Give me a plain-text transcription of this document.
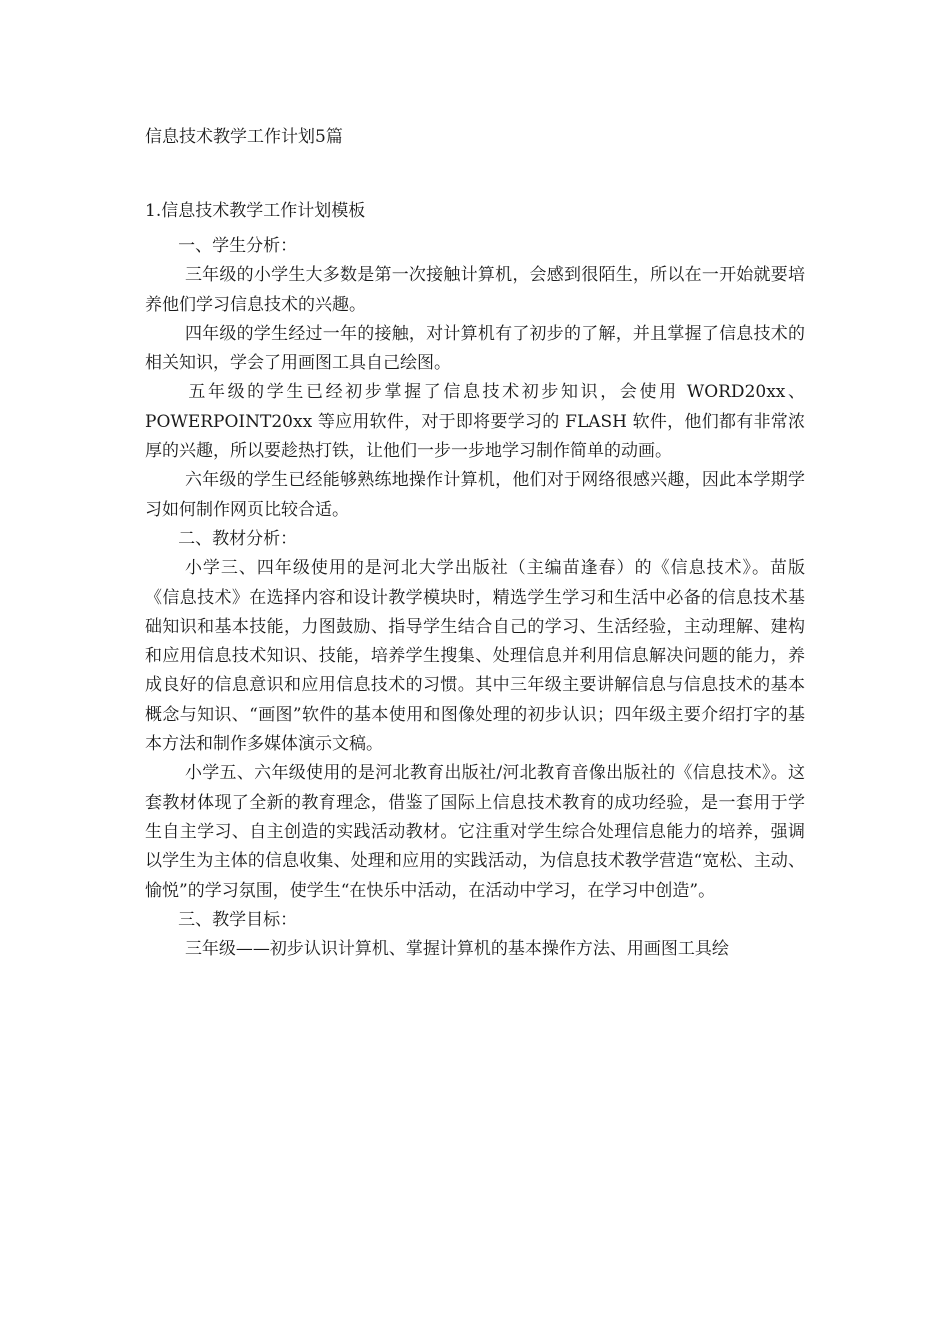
信息技术教学工作计划5篇
1.信息技术教学工作计划模板

一、学生分析：

三年级的小学生大多数是第一次接触计算机，会感到很陌生，所以在一开始就要培养他们学习信息技术的兴趣。

四年级的学生经过一年的接触，对计算机有了初步的了解，并且掌握了信息技术的相关知识，学会了用画图工具自己绘图。

五年级的学生已经初步掌握了信息技术初步知识，会使用 WORD20xx、POWERPOINT20xx 等应用软件，对于即将要学习的 FLASH 软件，他们都有非常浓厚的兴趣，所以要趁热打铁，让他们一步一步地学习制作简单的动画。

六年级的学生已经能够熟练地操作计算机，他们对于网络很感兴趣，因此本学期学习如何制作网页比较合适。

二、教材分析：

小学三、四年级使用的是河北大学出版社（主编苗逢春）的《信息技术》。苗版《信息技术》在选择内容和设计教学模块时，精选学生学习和生活中必备的信息技术基础知识和基本技能，力图鼓励、指导学生结合自己的学习、生活经验，主动理解、建构和应用信息技术知识、技能，培养学生搜集、处理信息并利用信息解决问题的能力，养成良好的信息意识和应用信息技术的习惯。其中三年级主要讲解信息与信息技术的基本概念与知识、“画图”软件的基本使用和图像处理的初步认识；四年级主要介绍打字的基本方法和制作多媒体演示文稿。

小学五、六年级使用的是河北教育出版社/河北教育音像出版社的《信息技术》。这套教材体现了全新的教育理念，借鉴了国际上信息技术教育的成功经验，是一套用于学生自主学习、自主创造的实践活动教材。它注重对学生综合处理信息能力的培养，强调以学生为主体的信息收集、处理和应用的实践活动，为信息技术教学营造“宽松、主动、愉悦”的学习氛围，使学生“在快乐中活动，在活动中学习，在学习中创造”。

三、教学目标：

三年级——初步认识计算机、掌握计算机的基本操作方法、用画图工具绘
